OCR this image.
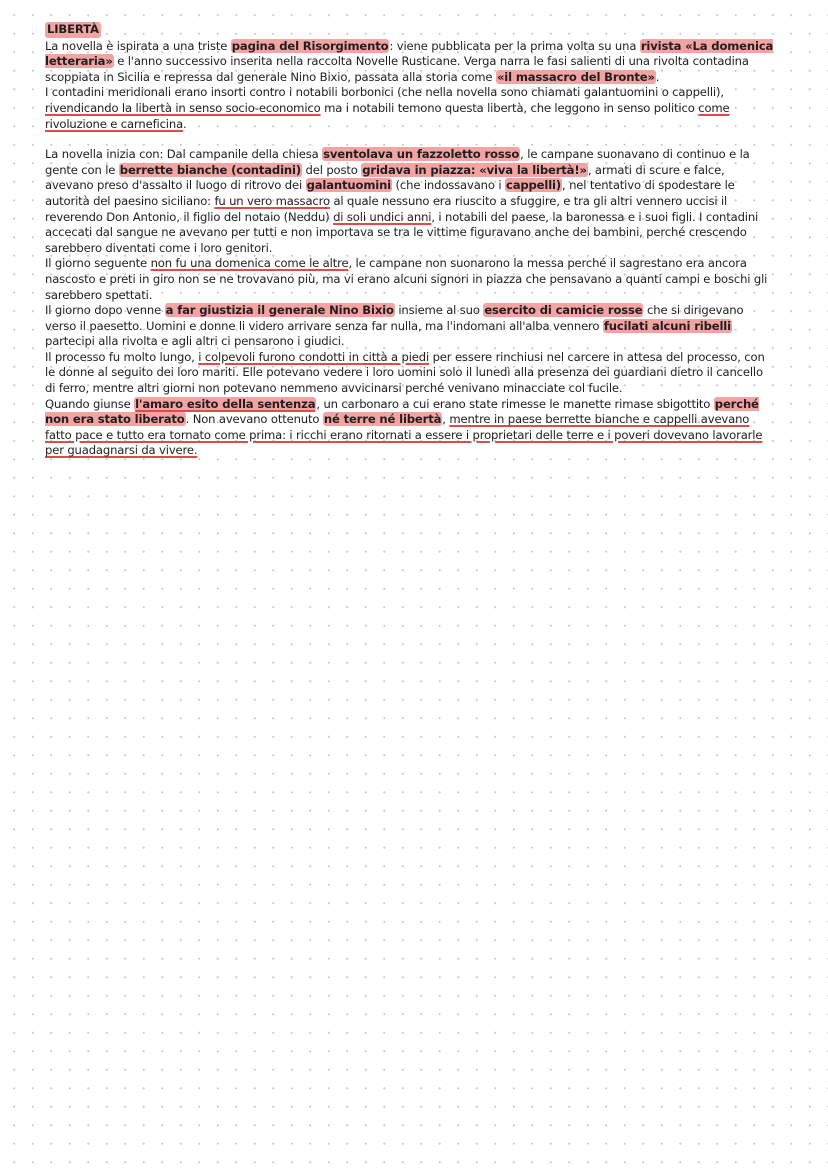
LIBERTÀ

La novella è ispirata a una triste pagina del Risorgimento: viene pubblicata per la prima volta su una rivista «La domenica letteraria» e l'anno successivo inserita nella raccolta Novelle Rusticane. Verga narra le fasi salienti di una rivolta contadina scoppiata in Sicilia e repressa dal generale Nino Bixio, passata alla storia come «il massacro del Bronte».

I contadini meridionali erano insorti contro i notabili borbonici (che nella novella sono chiamati galantuomini o cappelli), rivendicando la libertà in senso socio-economico ma i notabili temono questa libertà, che leggono in senso politico come rivoluzione e carneficina.

La novella inizia con: Dal campanile della chiesa sventolava un fazzoletto rosso, le campane suonavano di continuo e la gente con le berrette bianche (contadini) del posto gridava in piazza: «viva la libertà!», armati di scure e falce, avevano preso d'assalto il luogo di ritrovo dei galantuomini (che indossavano i cappelli), nel tentativo di spodestare le autorità del paesino siciliano: fu un vero massacro al quale nessuno era riuscito a sfuggire, e tra gli altri vennero uccisi il reverendo Don Antonio, il figlio del notaio (Neddu) di soli undici anni, i notabili del paese, la baronessa e i suoi figli. I contadini accecati dal sangue ne avevano per tutti e non importava se tra le vittime figuravano anche dei bambini, perché crescendo sarebbero diventati come i loro genitori.

Il giorno seguente non fu una domenica come le altre, le campane non suonarono la messa perché il sagrestano era ancora nascosto e preti in giro non se ne trovavano più, ma vi erano alcuni signori in piazza che pensavano a quanti campi e boschi gli sarebbero spettati.

Il giorno dopo venne a far giustizia il generale Nino Bixio insieme al suo esercito di camicie rosse che si dirigevano verso il paesetto. Uomini e donne li videro arrivare senza far nulla, ma l'indomani all'alba vennero fucilati alcuni ribelli partecipi alla rivolta e agli altri ci pensarono i giudici.

Il processo fu molto lungo, i colpevoli furono condotti in città a piedi per essere rinchiusi nel carcere in attesa del processo, con le donne al seguito dei loro mariti. Elle potevano vedere i loro uomini solo il lunedì alla presenza dei guardiani dietro il cancello di ferro, mentre altri giorni non potevano nemmeno avvicinarsi perché venivano minacciate col fucile.

Quando giunse l'amaro esito della sentenza, un carbonaro a cui erano state rimesse le manette rimase sbigottito perché non era stato liberato. Non avevano ottenuto né terre né libertà, mentre in paese berrette bianche e cappelli avevano fatto pace e tutto era tornato come prima: i ricchi erano ritornati a essere i proprietari delle terre e i poveri dovevano lavorarle per guadagnarsi da vivere.
